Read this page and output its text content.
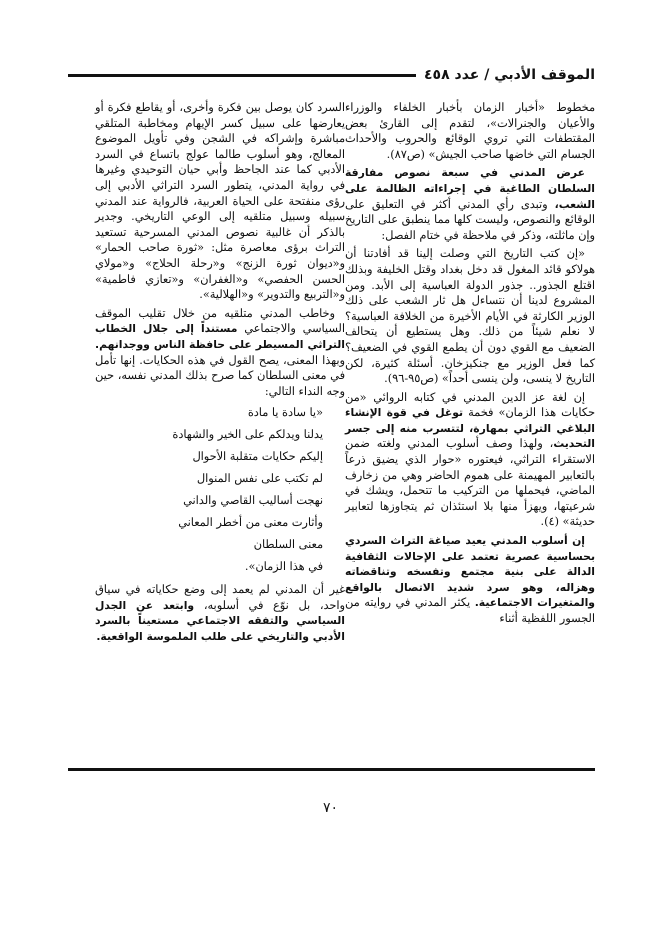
الموقف الأدبي / عدد ٤٥٨

مخطوط «أخبار الزمان بأخبار الخلفاء والوزراء والأعيان والجنرالات»، لتقدم إلى القارئ بعض المقتطفات التي تروي الوقائع والحروب والأحداث الجسام التي خاضها صاحب الجيش» (ص٨٧).

عرض المدني في سبعة نصوص مفارقة السلطان الطاغية في إجراءاته الظالمة على الشعب، وتبدى رأي المدني أكثر في التعليق على الوقائع والنصوص، وليست كلها مما ينطبق على التاريخ وإن ماثلته، وذكر في ملاحظة في ختام الفصل:

«إن كتب التاريخ التي وصلت إلينا قد أفادتنا أن هولاكو قائد المغول قد دخل بغداد وقتل الخليفة وبذلك اقتلع الجذور.. جذور الدولة العباسية إلى الأبد. ومن المشروع لدينا أن نتساءل هل ثار الشعب على ذلك الوزير الكارثة في الأيام الأخيرة من الخلافة العباسية؟ لا نعلم شيئاً من ذلك. وهل يستطيع أن يتحالف الضعيف مع القوي دون أن يطمع القوي في الضعيف؟ كما فعل الوزير مع جنكيزخان. أسئلة كثيرة، لكن التاريخ لا ينسى، ولن ينسى أحداً» (ص٩٥-٩٦).

إن لغة عز الدين المدني في كتابه الروائي «من حكايات هذا الزمان» فخمة توغل في قوة الإنشاء البلاغي التراثي بمهارة، لتتسرب منه إلى جسر التحديث، ولهذا وصف أسلوب المدني ولغته ضمن الاستقراء التراثي، فيعتوره «حوار الذي يضيق ذرعاً بالتعابير المهيمنة على هموم الحاضر وهي من زخارف الماضي، فيحملها من التركيب ما تتحمل، ويشك في شرعيتها، ويهزأ منها بلا استئذان ثم يتجاوزها لتعابير حديثة» (٤).

إن أسلوب المدني يعيد صياغة التراث السردي بحساسية عصرية تعتمد على الإحالات الثقافية الدالة على بنية مجتمع وتفسخه وتناقضاته وهزاله، وهو سرد شديد الاتصال بالواقع والمتغيرات الاجتماعية. يكثر المدني في روايته من الجسور اللفظية أثناء

السرد كان يوصل بين فكرة وأخرى، أو يقاطع فكرة أو يعارضها على سبيل كسر الإيهام ومخاطبة المتلقي مباشرة وإشراكه في الشجن وفي تأويل الموضوع المعالج، وهو أسلوب طالما عولج باتساع في السرد الأدبي كما عند الجاحظ وأبي حيان التوحيدي وغيرها في رواية المدني، يتطور السرد التراثي الأدبي إلى رؤى منفتحة على الحياة العربية، فالرواية عند المدني سبيله وسبيل متلقيه إلى الوعي التاريخي. وجدير بالذكر أن غالبية نصوص المدني المسرحية تستعيد التراث برؤى معاصرة مثل: «ثورة صاحب الحمار» و«ديوان ثورة الزنج» و«رحلة الحلاج» و«مولاي الحسن الحفصي» و«الغفران» و«تعازي فاطمية» و«التربيع والتدوير» و«الهلالية».

وخاطب المدني متلقيه من خلال تقليب الموقف السياسي والاجتماعي مستنداً إلى جلال الخطاب التراثي المسيطر على حافظة الناس ووجدانهم. وبهذا المعنى، يصح القول في هذه الحكايات. إنها تأمل في معنى السلطان كما صرح بذلك المدني نفسه، حين وجه النداء التالي:

«يا سادة يا مادة
يدلنا ويدلكم على الخير والشهادة
إليكم حكايات متقلبة الأحوال
لم تكتب على نفس المنوال
نهجت أساليب القاصي والداني
وأثارت معنى من أخطر المعاني
معنى السلطان
في هذا الزمان».

غير أن المدني لم يعمد إلى وضع حكاياته في سياق واحد، بل نوّع في أسلوبه، وابتعد عن الجدل السياسي والتفقه الاجتماعي مستعيناً بالسرد الأدبي والتاريخي على طلب الملموسة الواقعية.

٧٠
